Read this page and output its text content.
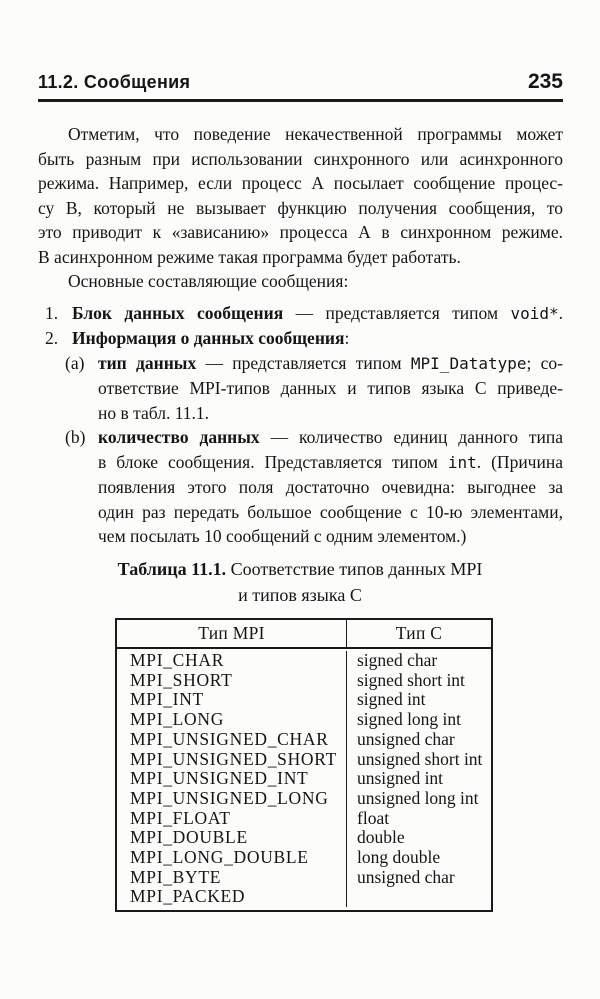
11.2. Сообщения	235
Отметим, что поведение некачественной программы может
быть разным при использовании синхронного или асинхронного
режима. Например, если процесс А посылает сообщение процес-
су В, который не вызывает функцию получения сообщения, то
это приводит к «зависанию» процесса А в синхронном режиме.
В асинхронном режиме такая программа будет работать.
Основные составляющие сообщения:
1. Блок данных сообщения — представляется типом void*.
2. Информация о данных сообщения:
(a) тип данных — представляется типом MPI_Datatype; со-
ответствие MPI-типов данных и типов языка C приведе-
но в табл. 11.1.
(b) количество данных — количество единиц данного типа
в блоке сообщения. Представляется типом int. (Причина
появления этого поля достаточно очевидна: выгоднее за
один раз передать большое сообщение с 10-ю элементами,
чем посылать 10 сообщений с одним элементом.)
Таблица 11.1. Соответствие типов данных MPI
и типов языка C
Тип MPI	Тип C
MPI_CHAR	signed char
MPI_SHORT	signed short int
MPI_INT	signed int
MPI_LONG	signed long int
MPI_UNSIGNED_CHAR	unsigned char
MPI_UNSIGNED_SHORT	unsigned short int
MPI_UNSIGNED_INT	unsigned int
MPI_UNSIGNED_LONG	unsigned long int
MPI_FLOAT	float
MPI_DOUBLE	double
MPI_LONG_DOUBLE	long double
MPI_BYTE	unsigned char
MPI_PACKED
